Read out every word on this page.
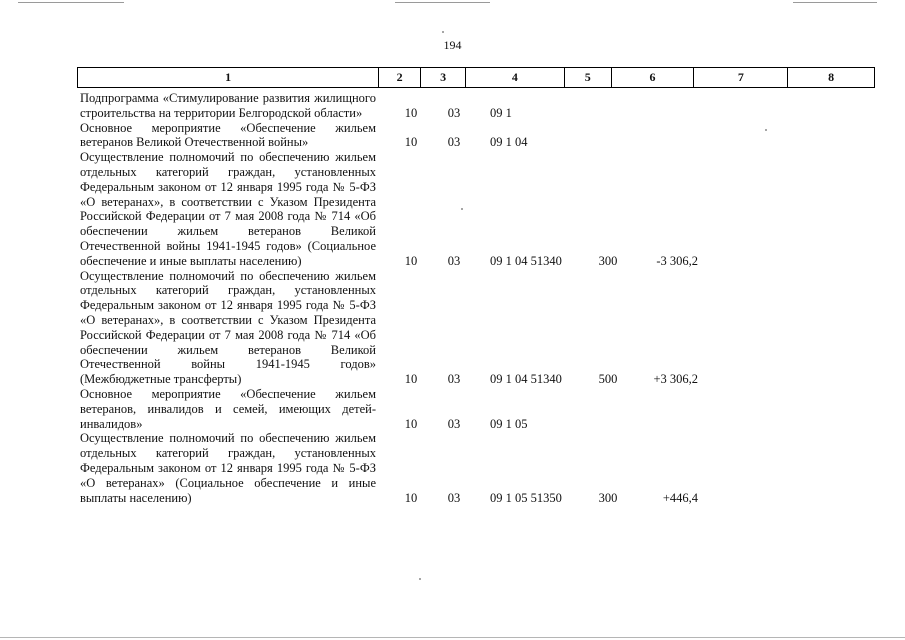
194
1	2	3	4	5	6	7	8
Подпрограмма «Стимулирование развития жилищного строительства на территории Белгородской области»	10	03	09 1
Основное мероприятие «Обеспечение жильем ветеранов Великой Отечественной войны»	10	03	09 1 04
Осуществление полномочий по обеспечению жильем отдельных категорий граждан, установленных Федеральным законом от 12 января 1995 года № 5-ФЗ «О ветеранах», в соответствии с Указом Президента Российской Федерации от 7 мая 2008 года № 714 «Об обеспечении жильем ветеранов Великой Отечественной войны 1941-1945 годов» (Социальное обеспечение и иные выплаты населению)	10	03	09 1 04 51340	300	-3 306,2
Осуществление полномочий по обеспечению жильем отдельных категорий граждан, установленных Федеральным законом от 12 января 1995 года № 5-ФЗ «О ветеранах», в соответствии с Указом Президента Российской Федерации от 7 мая 2008 года № 714 «Об обеспечении жильем ветеранов Великой Отечественной войны 1941-1945 годов» (Межбюджетные трансферты)	10	03	09 1 04 51340	500	+3 306,2
Основное мероприятие «Обеспечение жильем ветеранов, инвалидов и семей, имеющих детей-инвалидов»	10	03	09 1 05
Осуществление полномочий по обеспечению жильем отдельных категорий граждан, установленных Федеральным законом от 12 января 1995 года № 5-ФЗ «О ветеранах» (Социальное обеспечение и иные выплаты населению)	10	03	09 1 05 51350	300	+446,4
